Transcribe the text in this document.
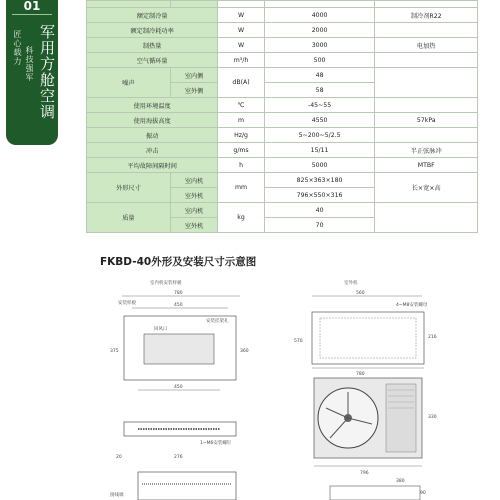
01
军用方舱空调
匠心载力 科技强军

额定制冷量		W	4000	制冷剂R22
额定制冷耗功率		W	2000	
制热量		W	3000	电加热
空气循环量		m³/h	500	
噪声	室内侧	dB(A)	48	
	室外侧		58	
使用环境温度		℃	-45~55	
使用海拔高度		m	4550	57kPa
振动		Hz/g	5~200~5/2.5	
冲击		g/ms	15/11	半正弦脉冲
平均故障间隔时间		h	5000	MTBF
外形尺寸	室内机	mm	825×363×180	长×宽×高
	室外机		796×550×316	
质量	室内机	kg	40	
	室外机		70	
FKBD-40外形及安装尺寸示意图
室内机安装样板
780
450
安装样板
回风口
安装挂架孔
375	360
450
1~M6安装螺钉
276
20
接线端
室外机
560
4~M8安装螺母
570
216
780
330
796
380
90
